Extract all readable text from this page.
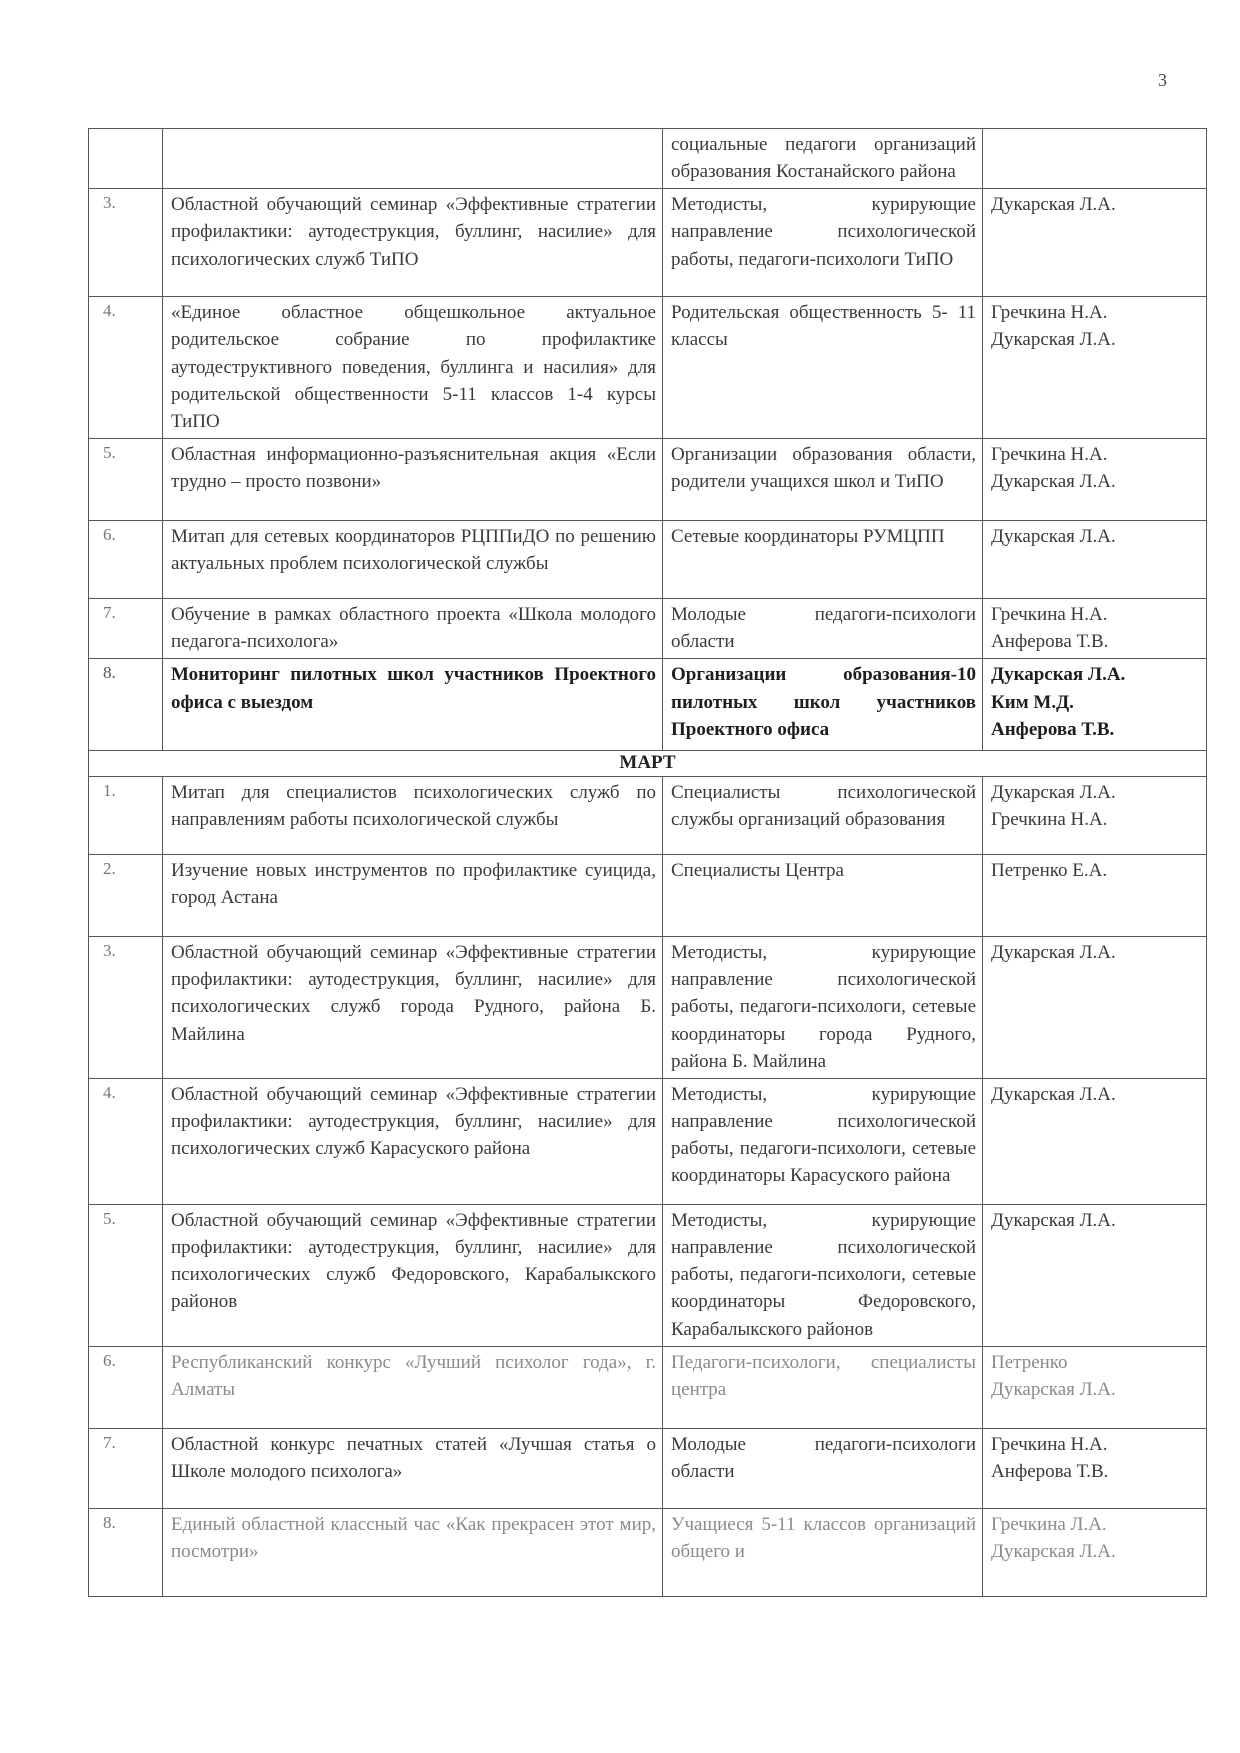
3
		социальные педагоги организаций образования Костанайского района	

3.	Областной обучающий семинар «Эффективные стратегии профилактики: аутодеструкция, буллинг, насилие» для психологических служб ТиПО	Методисты, курирующие направление психологической работы, педагоги-психологи ТиПО	Дукарская Л.А.

4.	«Единое областное общешкольное актуальное родительское собрание по профилактике аутодеструктивного поведения, буллинга и насилия» для родительской общественности 5-11 классов 1-4 курсы ТиПО	Родительская общественность 5- 11 классы	Гречкина Н.А.
Дукарская Л.А.

5.	Областная информационно-разъяснительная акция «Если трудно – просто позвони»	Организации образования области, родители учащихся школ и ТиПО	Гречкина Н.А.
Дукарская Л.А.

6.	Митап для сетевых координаторов РЦППиДО по решению актуальных проблем психологической службы	Сетевые координаторы РУМЦПП	Дукарская Л.А.

7.	Обучение в рамках областного проекта «Школа молодого педагога-психолога»	Молодые педагоги-психологи области	Гречкина Н.А.
Анферова Т.В.

8.	Мониторинг пилотных школ участников Проектного офиса с выездом	Организации образования-10 пилотных школ участников Проектного офиса	Дукарская Л.А.
Ким М.Д.
Анферова Т.В.

МАРТ			
1.	Митап для специалистов психологических служб по направлениям работы психологической службы	Специалисты психологической службы организаций образования	Дукарская Л.А.
Гречкина Н.А.

2.	Изучение новых инструментов по профилактике суицида, город Астана	Специалисты Центра	Петренко Е.А.

3.	Областной обучающий семинар «Эффективные стратегии профилактики: аутодеструкция, буллинг, насилие» для психологических служб города Рудного, района Б. Майлина	Методисты, курирующие направление психологической работы, педагоги-психологи, сетевые координаторы города Рудного, района Б. Майлина	Дукарская Л.А.

4.	Областной обучающий семинар «Эффективные стратегии профилактики: аутодеструкция, буллинг, насилие» для психологических служб Карасуского района	Методисты, курирующие направление психологической работы, педагоги-психологи, сетевые координаторы Карасуского района	Дукарская Л.А.

5.	Областной обучающий семинар «Эффективные стратегии профилактики: аутодеструкция, буллинг, насилие» для психологических служб Федоровского, Карабалыкского районов	Методисты, курирующие направление психологической работы, педагоги-психологи, сетевые координаторы Федоровского, Карабалыкского районов	Дукарская Л.А.

6.	Республиканский конкурс «Лучший психолог года», г. Алматы	Педагоги-психологи, специалисты центра	Петренко
Дукарская Л.А.

7.	Областной конкурс печатных статей «Лучшая статья о Школе молодого психолога»	Молодые педагоги-психологи области	Гречкина Н.А.
Анферова Т.В.

8.	Единый областной классный час «Как прекрасен этот мир, посмотри»	Учащиеся 5-11 классов организаций общего и	Гречкина Л.А.
Дукарская Л.А.
